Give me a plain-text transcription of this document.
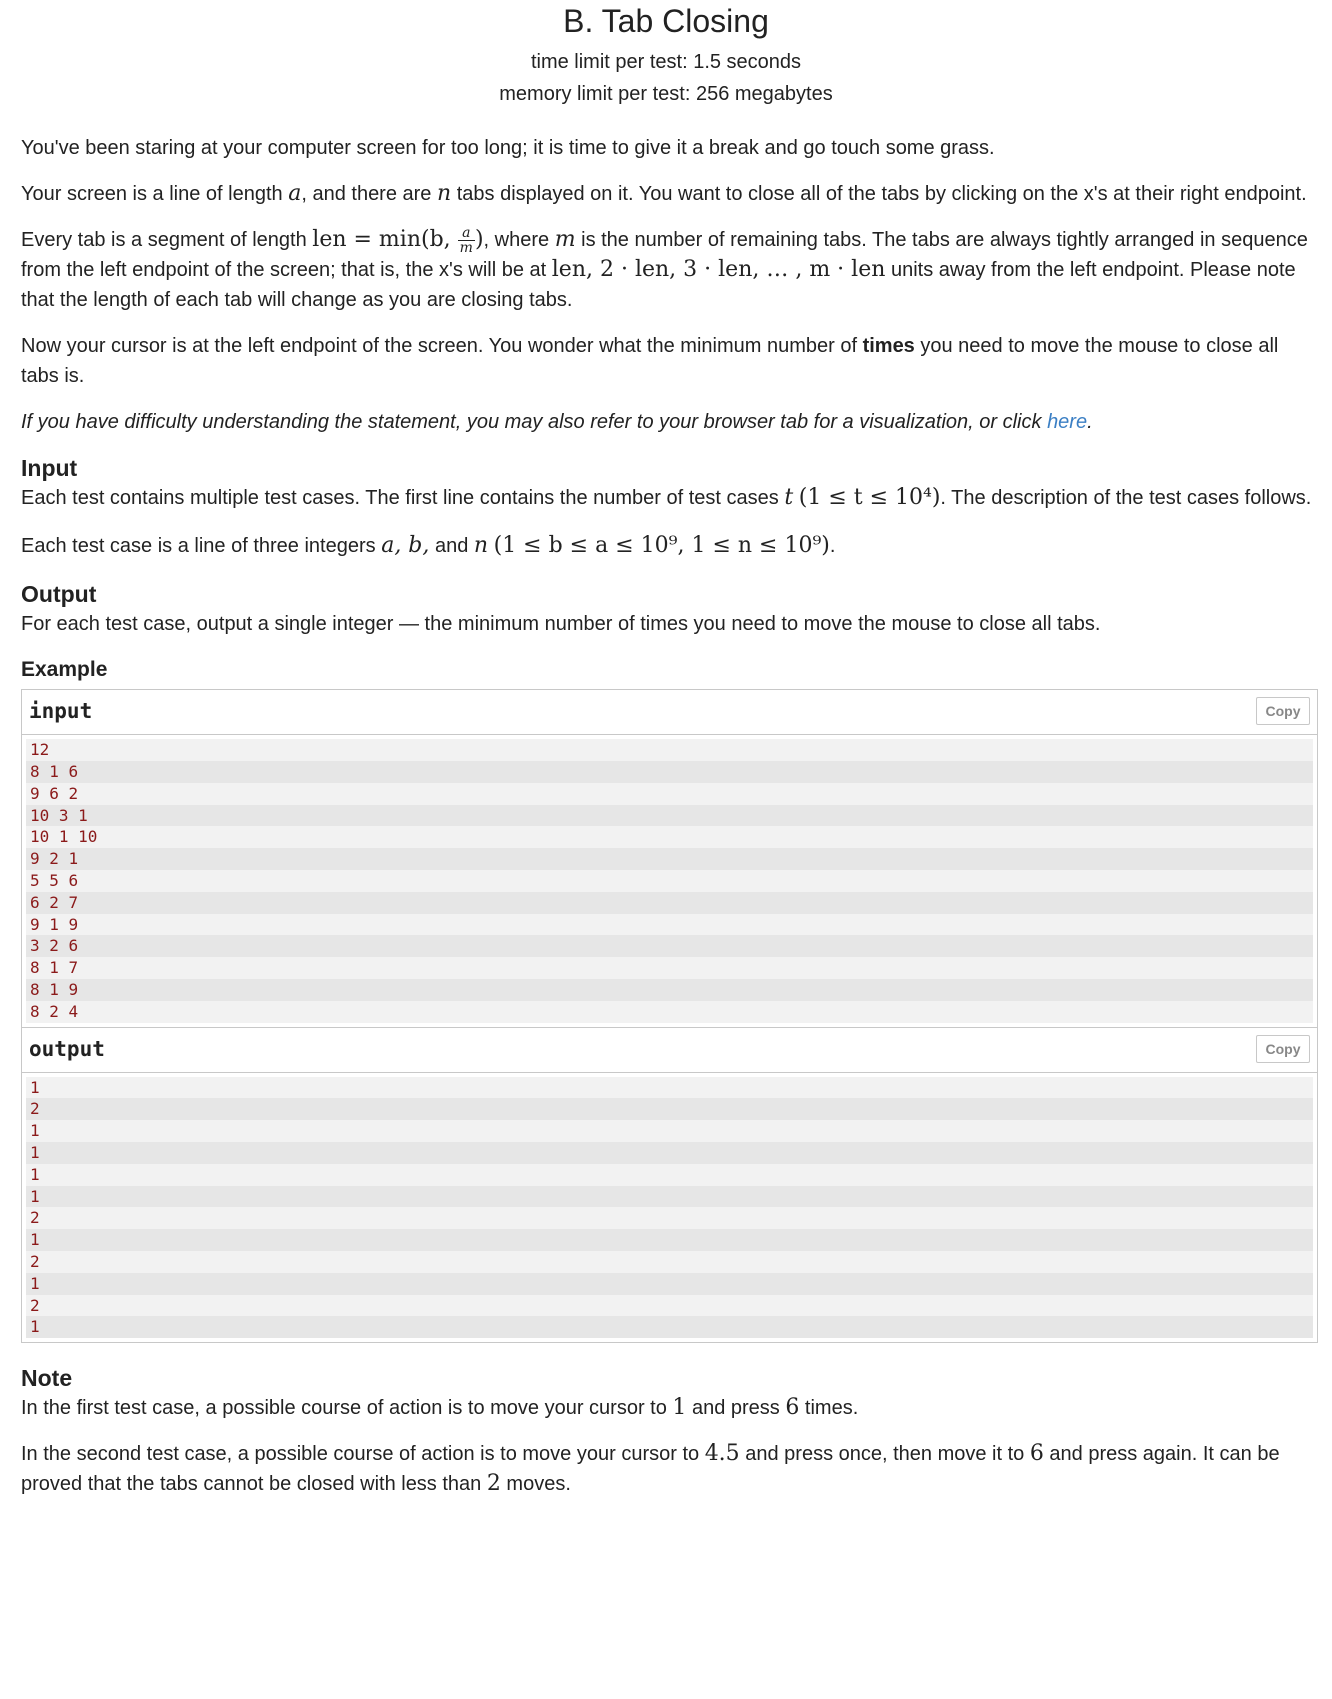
B. Tab Closing
time limit per test: 1.5 seconds
memory limit per test: 256 megabytes

You've been staring at your computer screen for too long; it is time to give it a break and go touch some grass.

Your screen is a line of length a, and there are n tabs displayed on it. You want to close all of the tabs by clicking on the x's at their right endpoint.

Every tab is a segment of length len = min(b, $\frac{a}{m}$ ), where m is the number of remaining tabs. The tabs are always tightly arranged in sequence from the left endpoint of the screen; that is, the x's will be at len, 2 · len, 3 · len, … , m · len units away from the left endpoint. Please note that the length of each tab will change as you are closing tabs.

Now your cursor is at the left endpoint of the screen. You wonder what the minimum number of times you need to move the mouse to close all tabs is.

If you have difficulty understanding the statement, you may also refer to your browser tab for a visualization, or click here.

Input

Each test contains multiple test cases. The first line contains the number of test cases t (1 ≤ t ≤ 10⁴). The description of the test cases follows.

Each test case is a line of three integers a, b, and n (1 ≤ b ≤ a ≤ 10⁹, 1 ≤ n ≤ 10⁹).

Output

For each test case, output a single integer — the minimum number of times you need to move the mouse to close all tabs.

Example
input	Copy
12
8 1 6
9 6 2
10 3 1
10 1 10
9 2 1
5 5 6
6 2 7
9 1 9
3 2 6
8 1 7
8 1 9
8 2 4
output	Copy
1
2
1
1
1
1
2
1
2
1
2
1
Note

In the first test case, a possible course of action is to move your cursor to 1 and press 6 times.

In the second test case, a possible course of action is to move your cursor to 4.5 and press once, then move it to 6 and press again. It can be proved that the tabs cannot be closed with less than 2 moves.
